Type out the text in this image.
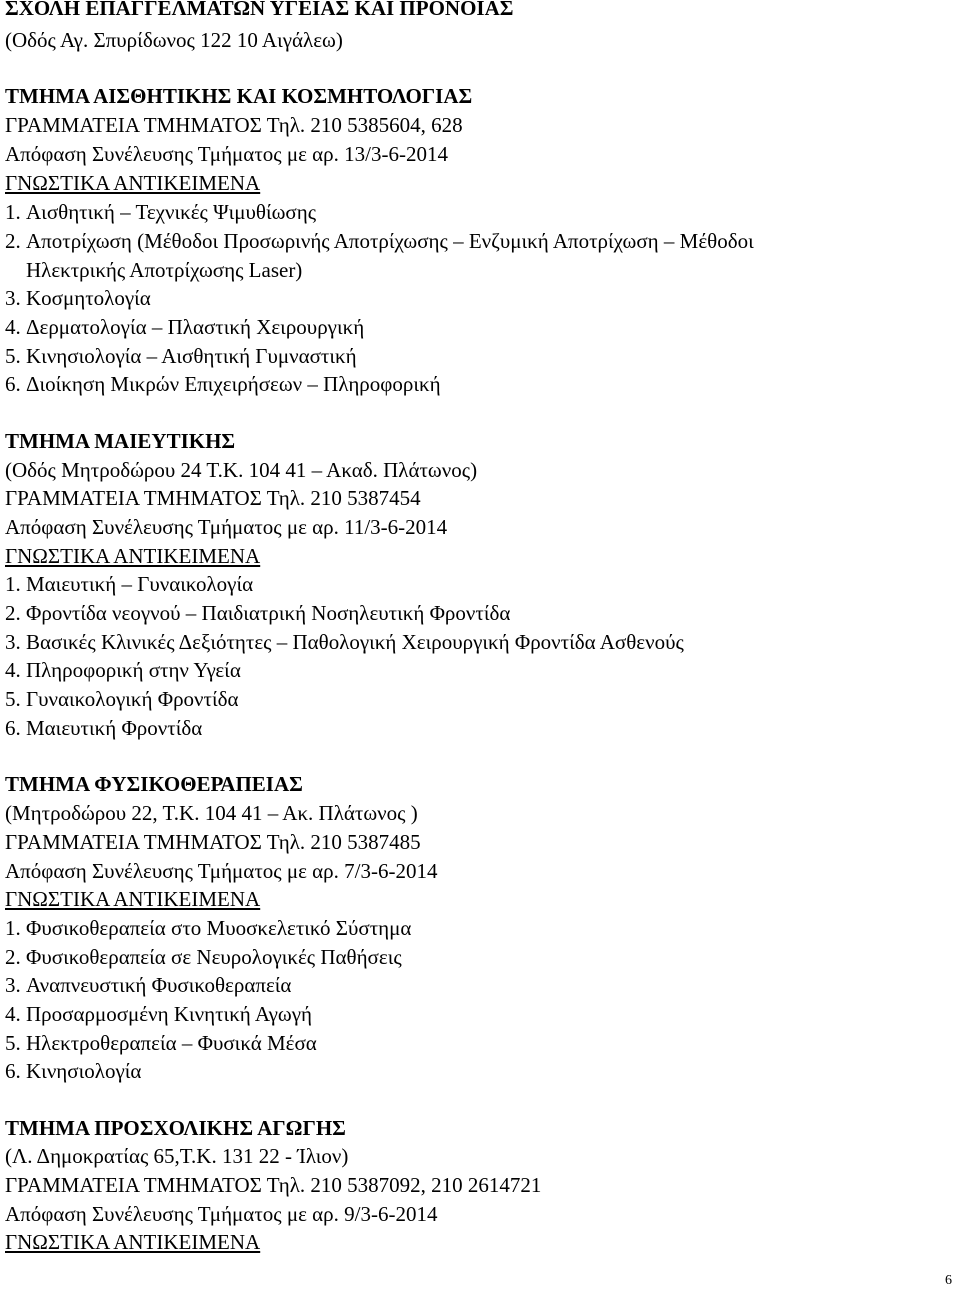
ΣΧΟΛΗ ΕΠΑΓΓΕΛΜΑΤΩΝ ΥΓΕΙΑΣ ΚΑΙ ΠΡΟΝΟΙΑΣ
(Οδός Αγ. Σπυρίδωνος 122 10 Αιγάλεω)
ΤΜΗΜΑ ΑΙΣΘΗΤΙΚΗΣ ΚΑΙ ΚΟΣΜΗΤΟΛΟΓΙΑΣ
ΓΡΑΜΜΑΤΕΙΑ ΤΜΗΜΑΤΟΣ Τηλ. 210 5385604, 628
Απόφαση Συνέλευσης Τμήματος με αρ. 13/3-6-2014
ΓΝΩΣΤΙΚΑ ΑΝΤΙΚΕΙΜΕΝΑ
1. Αισθητική – Τεχνικές Ψιμυθίωσης
2. Αποτρίχωση (Μέθοδοι Προσωρινής Αποτρίχωσης – Ενζυμική Αποτρίχωση – Μέθοδοι
Ηλεκτρικής Αποτρίχωσης Laser)
3. Κοσμητολογία
4. Δερματολογία – Πλαστική Χειρουργική
5. Κινησιολογία – Αισθητική Γυμναστική
6. Διοίκηση Μικρών Επιχειρήσεων – Πληροφορική
ΤΜΗΜΑ ΜΑΙΕΥΤΙΚΗΣ
(Οδός Μητροδώρου 24 Τ.Κ. 104 41 – Ακαδ. Πλάτωνος)
ΓΡΑΜΜΑΤΕΙΑ ΤΜΗΜΑΤΟΣ Τηλ. 210 5387454
Απόφαση Συνέλευσης Τμήματος με αρ. 11/3-6-2014
ΓΝΩΣΤΙΚΑ ΑΝΤΙΚΕΙΜΕΝΑ
1. Μαιευτική – Γυναικολογία
2. Φροντίδα νεογνού – Παιδιατρική Νοσηλευτική Φροντίδα
3. Βασικές Κλινικές Δεξιότητες – Παθολογική Χειρουργική Φροντίδα Ασθενούς
4. Πληροφορική στην Υγεία
5. Γυναικολογική Φροντίδα
6. Μαιευτική Φροντίδα
ΤΜΗΜΑ ΦΥΣΙΚΟΘΕΡΑΠΕΙΑΣ
(Μητροδώρου 22, Τ.Κ. 104 41 – Ακ. Πλάτωνος )
ΓΡΑΜΜΑΤΕΙΑ ΤΜΗΜΑΤΟΣ Τηλ. 210 5387485
Απόφαση Συνέλευσης Τμήματος με αρ. 7/3-6-2014
ΓΝΩΣΤΙΚΑ ΑΝΤΙΚΕΙΜΕΝΑ
1. Φυσικοθεραπεία στο Μυοσκελετικό Σύστημα
2. Φυσικοθεραπεία σε Νευρολογικές Παθήσεις
3. Αναπνευστική Φυσικοθεραπεία
4. Προσαρμοσμένη Κινητική Αγωγή
5. Ηλεκτροθεραπεία – Φυσικά Μέσα
6. Κινησιολογία
ΤΜΗΜΑ ΠΡΟΣΧΟΛΙΚΗΣ ΑΓΩΓΗΣ
(Λ. Δημοκρατίας 65,Τ.Κ. 131 22 - Ίλιον)
ΓΡΑΜΜΑΤΕΙΑ ΤΜΗΜΑΤΟΣ Τηλ. 210 5387092, 210 2614721
Απόφαση Συνέλευσης Τμήματος με αρ. 9/3-6-2014
ΓΝΩΣΤΙΚΑ ΑΝΤΙΚΕΙΜΕΝΑ
6
